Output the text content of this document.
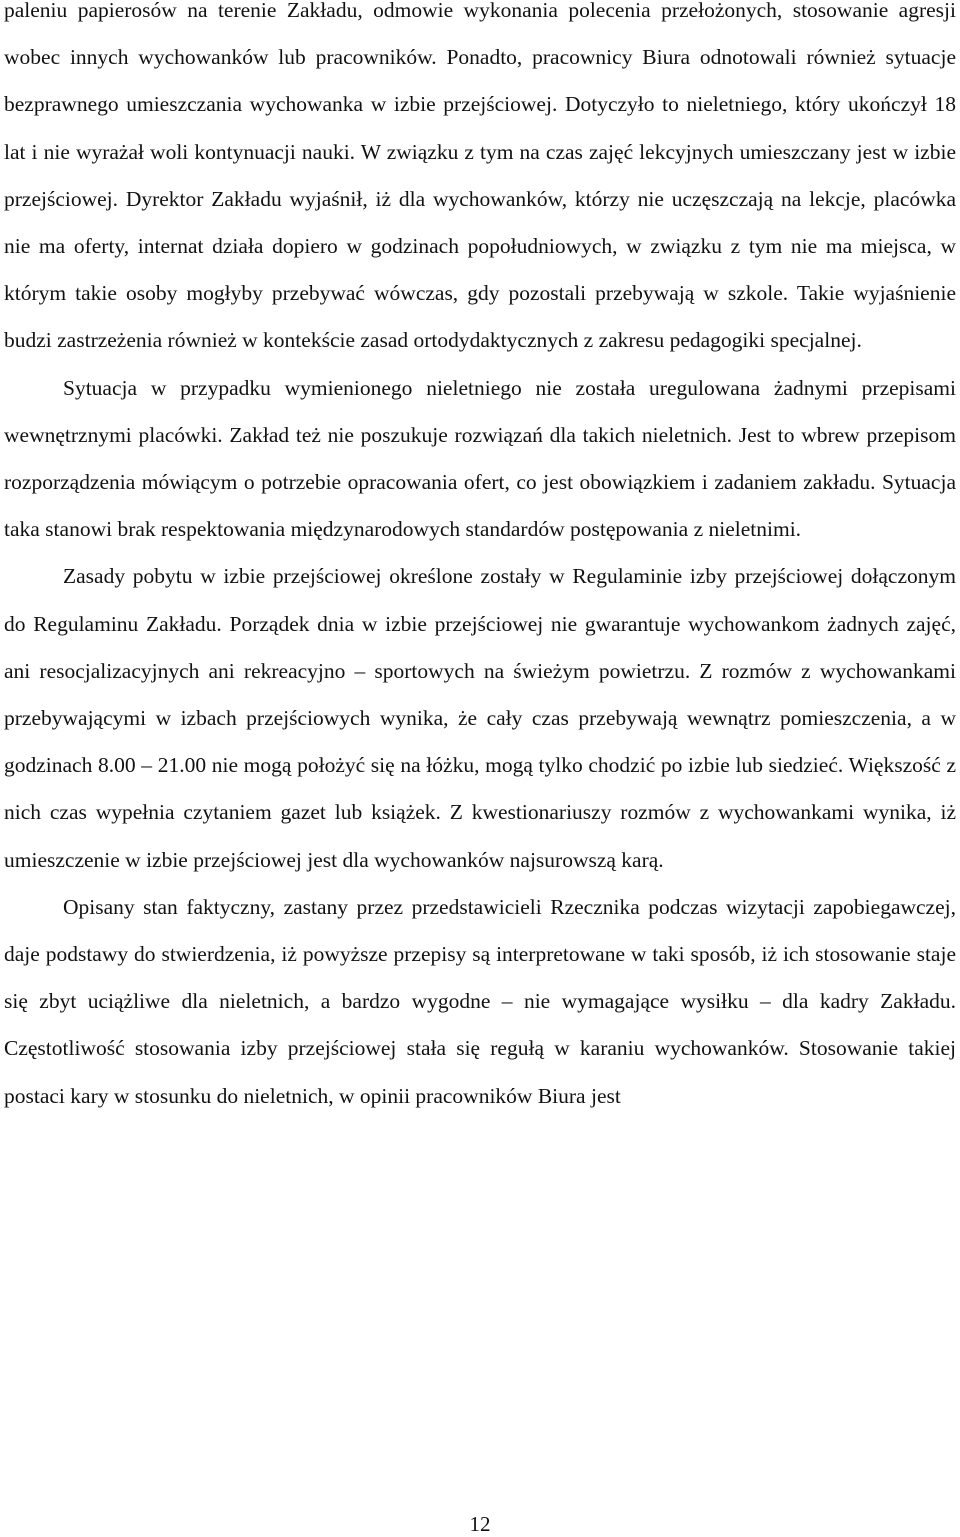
paleniu papierosów na terenie Zakładu, odmowie wykonania polecenia przełożonych, stosowanie agresji wobec innych wychowanków lub pracowników. Ponadto, pracownicy Biura odnotowali również sytuacje bezprawnego umieszczania wychowanka w izbie przejściowej. Dotyczyło to nieletniego, który ukończył 18 lat i nie wyrażał woli kontynuacji nauki. W związku z tym na czas zajęć lekcyjnych umieszczany jest w izbie przejściowej. Dyrektor Zakładu wyjaśnił, iż dla wychowanków, którzy nie uczęszczają na lekcje, placówka nie ma oferty, internat działa dopiero w godzinach popołudniowych, w związku z tym nie ma miejsca, w którym takie osoby mogłyby przebywać wówczas, gdy pozostali przebywają w szkole. Takie wyjaśnienie budzi zastrzeżenia również w kontekście zasad ortodydaktycznych z zakresu pedagogiki specjalnej.

Sytuacja w przypadku wymienionego nieletniego nie została uregulowana żadnymi przepisami wewnętrznymi placówki. Zakład też nie poszukuje rozwiązań dla takich nieletnich. Jest to wbrew przepisom rozporządzenia mówiącym o potrzebie opracowania ofert, co jest obowiązkiem i zadaniem zakładu. Sytuacja taka stanowi brak respektowania międzynarodowych standardów postępowania z nieletnimi.

Zasady pobytu w izbie przejściowej określone zostały w Regulaminie izby przejściowej dołączonym do Regulaminu Zakładu. Porządek dnia w izbie przejściowej nie gwarantuje wychowankom żadnych zajęć, ani resocjalizacyjnych ani rekreacyjno – sportowych na świeżym powietrzu. Z rozmów z wychowankami przebywającymi w izbach przejściowych wynika, że cały czas przebywają wewnątrz pomieszczenia, a w godzinach 8.00 – 21.00 nie mogą położyć się na łóżku, mogą tylko chodzić po izbie lub siedzieć. Większość z nich czas wypełnia czytaniem gazet lub książek. Z kwestionariuszy rozmów z wychowankami wynika, iż umieszczenie w izbie przejściowej jest dla wychowanków najsurowszą karą.

Opisany stan faktyczny, zastany przez przedstawicieli Rzecznika podczas wizytacji zapobiegawczej, daje podstawy do stwierdzenia, iż powyższe przepisy są interpretowane w taki sposób, iż ich stosowanie staje się zbyt uciążliwe dla nieletnich, a bardzo wygodne – nie wymagające wysiłku – dla kadry Zakładu. Częstotliwość stosowania izby przejściowej stała się regułą w karaniu wychowanków. Stosowanie takiej postaci kary w stosunku do nieletnich, w opinii pracowników Biura jest

12
